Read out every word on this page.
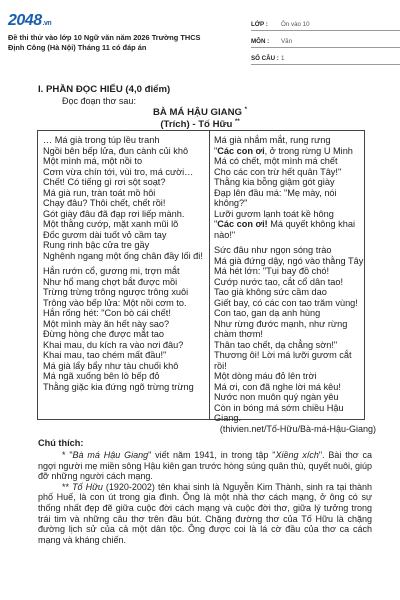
2048.vn
Đề thi thử vào lớp 10 Ngữ văn năm 2026 Trường THCS Định Công (Hà Nội) Tháng 11 có đáp án
LỚP :	Ôn vào 10
MÔN :	Văn
SỐ CÂU : 1
I. PHẦN ĐỌC HIỂU (4,0 điểm)
Đọc đoạn thơ sau:
BÀ MÁ HẬU GIANG *
(Trích) - Tố Hữu **
… Má già trong túp lều tranh
Ngồi bên bếp lửa, đun cành củi khô
Một mình má, một nồi to
Cơm vừa chín tới, vùi tro, má cười…
Chết! Có tiếng gì rơi sột soạt?
Má già run, tràn toát mồ hôi
Chạy đâu? Thôi chết, chết rồi!
Gót giày đâu đã đạp rơi liếp mành.
Một thằng cướp, mặt xanh mũi lõ
Đốc gươm dài tuốt vỏ cầm tay
Rung rinh bậc cửa tre gầy
Nghênh ngang một ống chân đầy lối đi!
Hắn rướn cổ, gương mi, trợn mắt
Như hổ mang chợt bắt được mồi
Trừng trừng trông ngược trông xuôi
Trông vào bếp lửa: Một nồi cơm to.
Hắn rống hét: "Con bò cái chết!
Một mình mày ăn hết này sao?
Đừng hòng che được mắt tao
Khai mau, du kích ra vào nơi đâu?
Khai mau, tao chém mất đầu!"
Má già lẩy bẩy như tàu chuối khô
Má ngã xuống bên lò bếp đỏ
Thằng giặc kia đứng ngõ trừng trừng
Má già nhắm mắt, rung rưng
"Các con ơi, ở trong rừng U Minh
Má có chết, một mình má chết
Cho các con trừ hết quân Tây!"
Thằng kia bỗng giậm gót giày
Đạp lên đầu má: "Mẹ mày, nói không?"
Lưỡi gươm lạnh toát kề hông
"Các con ơi! Má quyết không khai nào!"
Sức đâu như ngọn sóng trào
Má già đứng dậy, ngó vào thằng Tây
Má hét lớn: "Tụi bay đồ chó!
Cướp nước tao, cắt cổ dân tao!
Tao già không sức cầm dao
Giết bay, có các con tao trăm vùng!
Con tao, gan dạ anh hùng
Như rừng đước mạnh, như rừng chàm thơm!
Thân tao chết, dạ chẳng sờn!"
Thương ôi! Lời má lưỡi gươm cắt rồi!
Một dòng máu đỏ lên trời
Má ơi, con đã nghe lời má kêu!
Nước non muôn quý ngàn yêu
Còn in bóng má sớm chiều Hậu Giang.
(thivien.net/Tố-Hữu/Bà-má-Hậu-Giang)
Chú thích:

* "Bà má Hậu Giang" viết năm 1941, in trong tập "Xiềng xích". Bài thơ ca ngợi người mẹ miền sông Hậu kiên gan trước hòng súng quân thù, quyết nuôi, giúp đỡ những người cách mạng.

** Tố Hữu (1920-2002) tên khai sinh là Nguyễn Kim Thành, sinh ra tại thành phố Huế, là con út trong gia đình. Ông là một nhà thơ cách mạng, ở ông có sự thống nhất đẹp đẽ giữa cuộc đời cách mạng và cuộc đời thơ, giữa lý tưởng trong trái tim và những câu thơ trên đầu bút. Chặng đường thơ của Tố Hữu là chặng đường lịch sử của cả một dân tộc. Ông được coi là lá cờ đầu của thơ ca cách mạng và kháng chiến.
